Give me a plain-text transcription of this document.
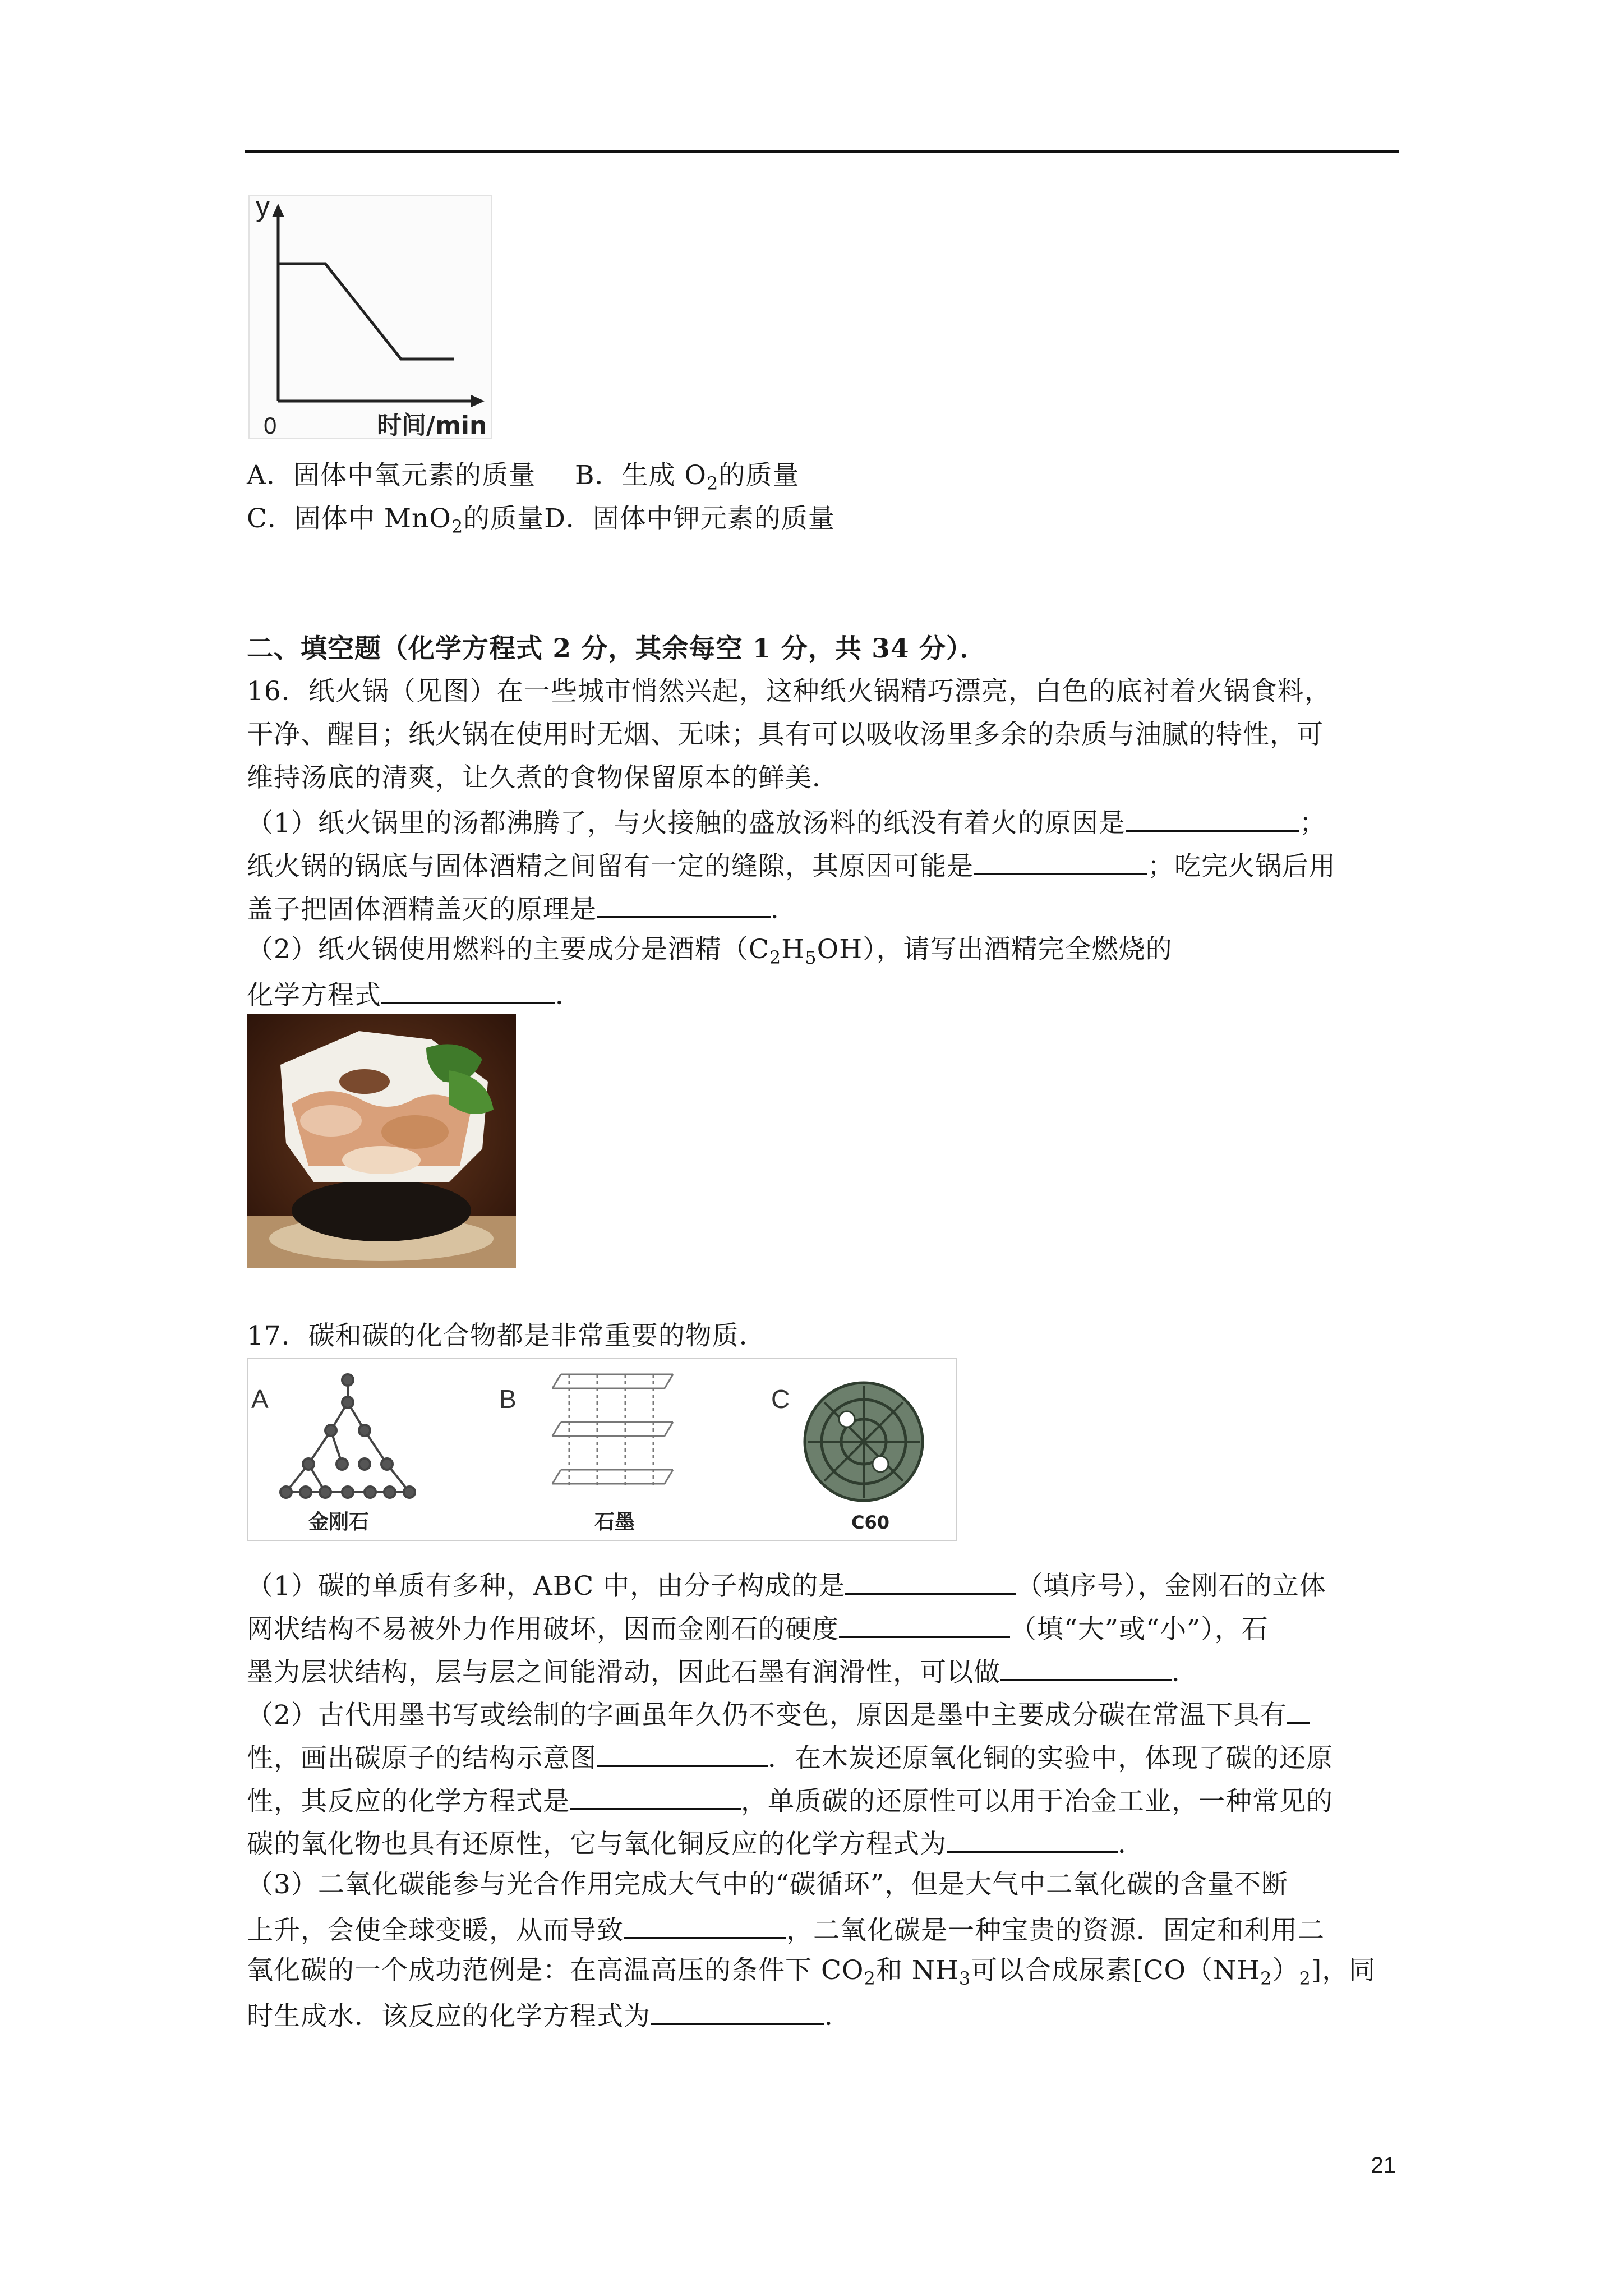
y
0	时间/min
A．固体中氧元素的质量 B．生成 $O_2$的质量
C．固体中 MnO$_2$的质量D．固体中钾元素的质量
二、填空题（化学方程式 2 分，其余每空 1 分，共 34 分）．
16．纸火锅（见图）在一些城市悄然兴起，这种纸火锅精巧漂亮，白色的底衬着火锅食料，
干净、醒目；纸火锅在使用时无烟、无味；具有可以吸收汤里多余的杂质与油腻的特性，可
维持汤底的清爽，让久煮的食物保留原本的鲜美．
（1）纸火锅里的汤都沸腾了，与火接触的盛放汤料的纸没有着火的原因是	；
纸火锅的锅底与固体酒精之间留有一定的缝隙，其原因可能是	；吃完火锅后用
盖子把固体酒精盖灭的原理是	．
（2）纸火锅使用燃料的主要成分是酒精$(C_2H_5OH)$，请写出酒精完全燃烧的
化学方程式	．
17．碳和碳的化合物都是非常重要的物质．
A
金刚石
B
石墨
C
C60
（1）碳的单质有多种，ABC 中，由分子构成的是	（填序号），金刚石的立体
网状结构不易被外力作用破坏，因而金刚石的硬度	（填“大”或“小”），石
墨为层状结构，层与层之间能滑动，因此石墨有润滑性，可以做	．
（2）古代用墨书写或绘制的字画虽年久仍不变色，原因是墨中主要成分碳在常温下具有
性，画出碳原子的结构示意图	．在木炭还原氧化铜的实验中，体现了碳的还原
性，其反应的化学方程式是	，单质碳的还原性可以用于冶金工业，一种常见的
碳的氧化物也具有还原性，它与氧化铜反应的化学方程式为	．
（3）二氧化碳能参与光合作用完成大气中的“碳循环”，但是大气中二氧化碳的含量不断
上升，会使全球变暖，从而导致	，二氧化碳是一种宝贵的资源．固定和利用二
氧化碳的一个成功范例是：在高温高压的条件下 $CO_2$和 $NH_3$可以合成尿素$[CO(NH_2)_2]$，同
时生成水．该反应的化学方程式为	．
21
